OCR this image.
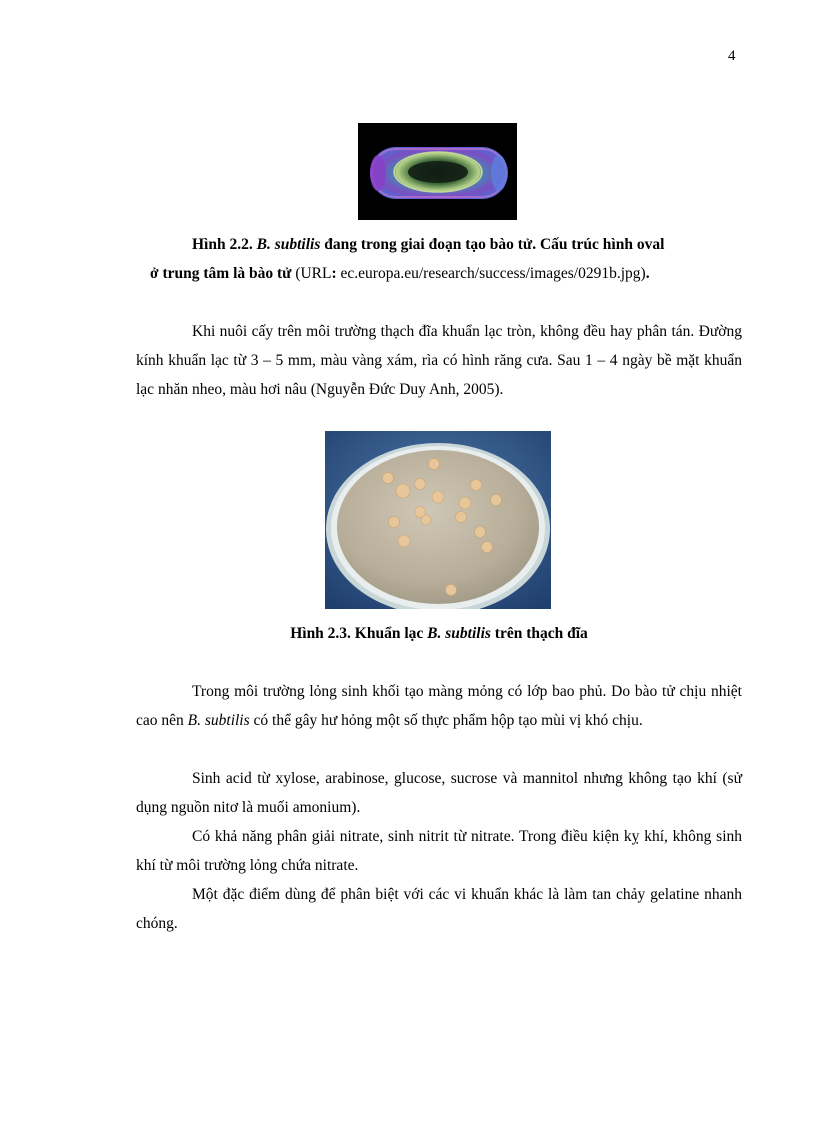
4
Hình 2.2. B. subtilis đang trong giai đoạn tạo bào tử. Cấu trúc hình oval
ở trung tâm là bào tử (URL: ec.europa.eu/research/success/images/0291b.jpg).

Khi nuôi cấy trên môi trường thạch đĩa khuẩn lạc tròn, không đều hay phân tán. Đường kính khuẩn lạc từ 3 – 5 mm, màu vàng xám, rìa có hình răng cưa. Sau 1 – 4 ngày bề mặt khuẩn lạc nhăn nheo, màu hơi nâu (Nguyễn Đức Duy Anh, 2005).

Hình 2.3. Khuẩn lạc B. subtilis trên thạch đĩa

Trong môi trường lỏng sinh khối tạo màng mỏng có lớp bao phủ. Do bào tử chịu nhiệt cao nên B. subtilis có thể gây hư hỏng một số thực phẩm hộp tạo mùi vị khó chịu.

Sinh acid từ xylose, arabinose, glucose, sucrose và mannitol nhưng không tạo khí (sử dụng nguồn nitơ là muối amonium).

Có khả năng phân giải nitrate, sinh nitrit từ nitrate. Trong điều kiện kỵ khí, không sinh khí từ môi trường lỏng chứa nitrate.

Một đặc điểm dùng để phân biệt với các vi khuẩn khác là làm tan chảy gelatine nhanh chóng.
